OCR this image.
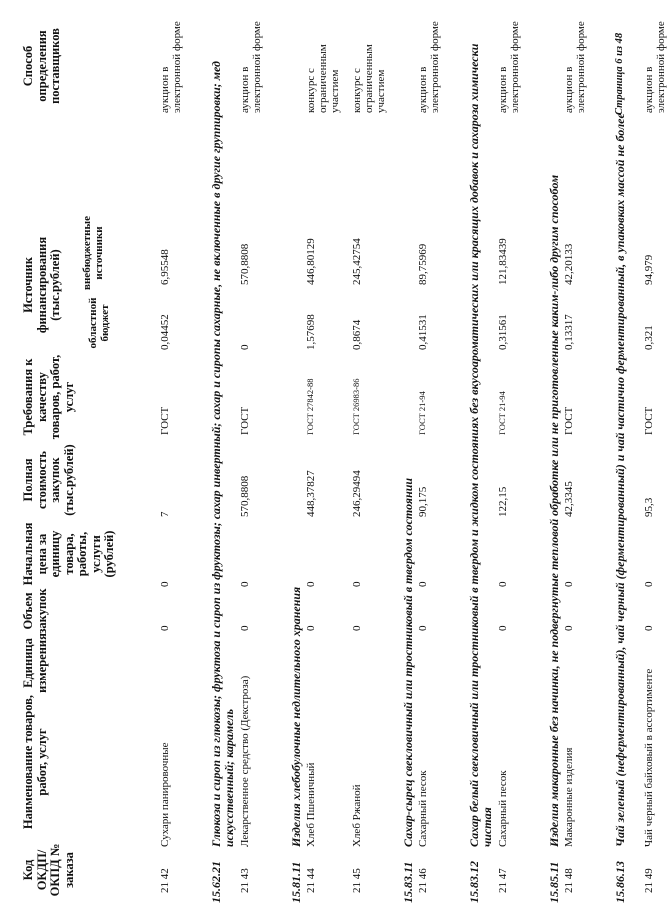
Код ОКДП/ ОКПД № заказа
Наименование товаров, работ, услуг
Единица измерения
Объем закупок
Начальная цена за единицу товара, работы, услуги (рублей)
Полная стоимость закупок (тыс.рублей)
Требования к качеству товаров, работ, услуг
Источник финансирования (тыс.рублей)
областной бюджет
внебюджетные источники
Способ определения поставщиков
21 42
Сухари панировочные
0
0
7
ГОСТ
0,04452
6,95548
аукцион в электронной форме
15.62.21
Глюкоза и сироп из глюкозы; фруктоза и сироп из фруктозы; сахар инвертный; сахар и сиропы сахарные, не включенные в другие группировки; мед искусственный; карамель
21 43
Лекарственное средство (Декстроза)
0
0
570,8808
ГОСТ
0
570,8808
аукцион в электронной форме
15.81.11
Изделия хлебобулочные недлительного хранения
21 44
Хлеб Пшеничный
0
0
448,37827
ГОСТ 27842-88
1,57698
446,80129
конкурс с ограниченным участием
21 45
Хлеб Ржаной
0
0
246,29494
ГОСТ 26983-86
0,8674
245,42754
конкурс с ограниченным участием
15.83.11
Сахар-сырец свекловичный или тростниковый в твердом состоянии
21 46
Сахарный песок
0
0
90,175
ГОСТ 21-94
0,41531
89,75969
аукцион в электронной форме
15.83.12
Сахар белый свекловичный или тростниковый в твердом и жидком состояниях без вкусоароматических или красящих добавок и сахароза химически чистая
21 47
Сахарный песок
0
0
122,15
ГОСТ 21-94
0,31561
121,83439
аукцион в электронной форме
15.85.11
Изделия макаронные без начинки, не подвергнутые тепловой обработке или не приготовленные каким-либо другим способом
21 48
Макаронные изделия
0
0
42,3345
ГОСТ
0,13317
42,20133
аукцион в электронной форме
15.86.13
Чай зеленый (неферментированный), чай черный (ферментированный) и чай частично ферментированный, в упаковках массой не более
21 49
Чай черный байховый в ассортименте
0
0
95,3
ГОСТ
0,321
94,979
аукцион в электронной форме
Страница 6 из 48
